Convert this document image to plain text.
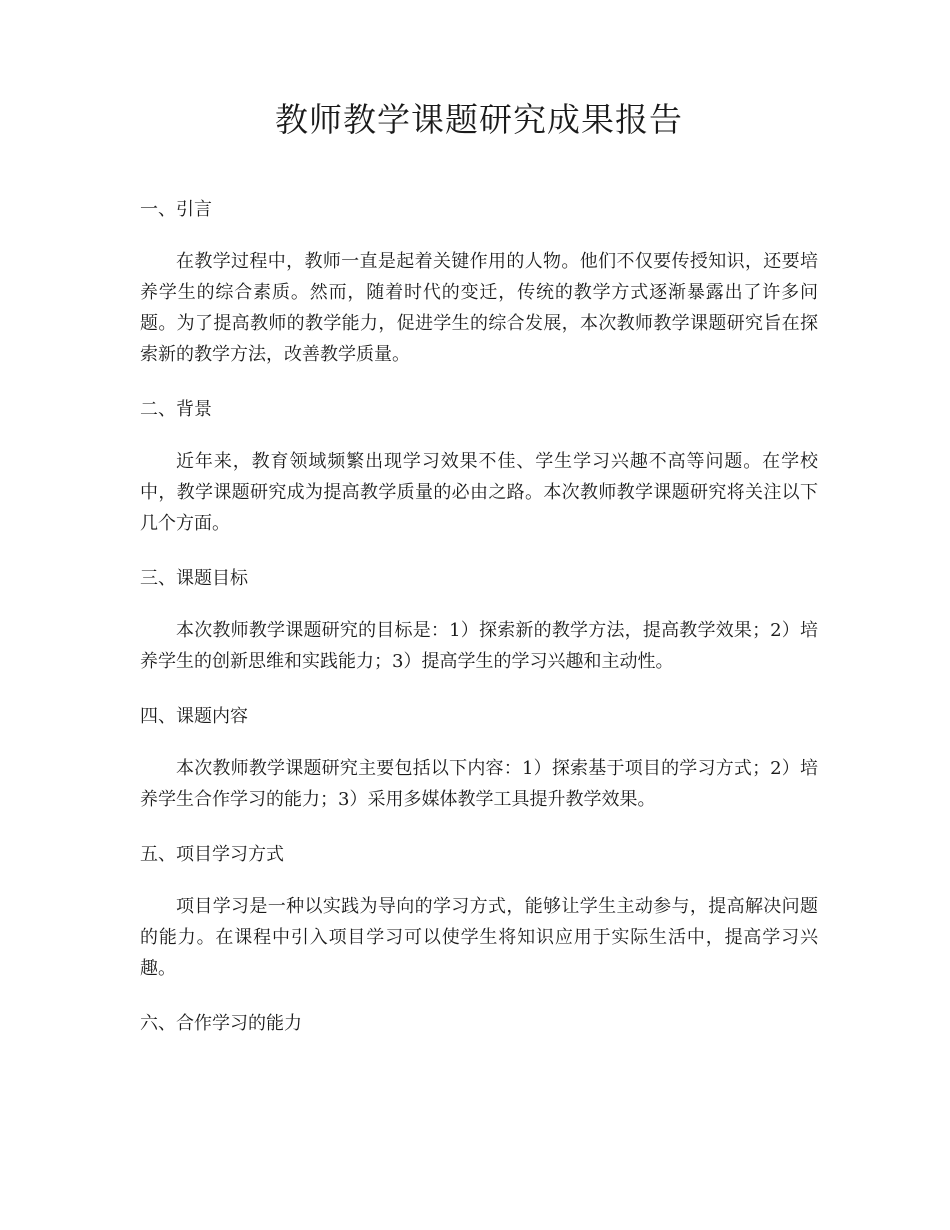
教师教学课题研究成果报告
一、引言

在教学过程中，教师一直是起着关键作用的人物。他们不仅要传授知识，还要培养学生的综合素质。然而，随着时代的变迁，传统的教学方式逐渐暴露出了许多问题。为了提高教师的教学能力，促进学生的综合发展，本次教师教学课题研究旨在探索新的教学方法，改善教学质量。

二、背景

近年来，教育领域频繁出现学习效果不佳、学生学习兴趣不高等问题。在学校中，教学课题研究成为提高教学质量的必由之路。本次教师教学课题研究将关注以下几个方面。

三、课题目标

本次教师教学课题研究的目标是：1）探索新的教学方法，提高教学效果；2）培养学生的创新思维和实践能力；3）提高学生的学习兴趣和主动性。

四、课题内容

本次教师教学课题研究主要包括以下内容：1）探索基于项目的学习方式；2）培养学生合作学习的能力；3）采用多媒体教学工具提升教学效果。

五、项目学习方式

项目学习是一种以实践为导向的学习方式，能够让学生主动参与，提高解决问题的能力。在课程中引入项目学习可以使学生将知识应用于实际生活中，提高学习兴趣。

六、合作学习的能力
